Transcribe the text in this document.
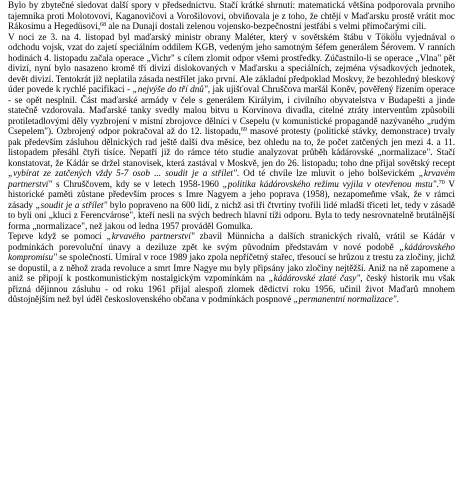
Bylo by zbytečné sledovat další spory v předsednictvu. Stačí krátké shrnutí: matematická většina podporovala prvního tajemníka proti Molotovovi, Kaganovičovi a Vorošilovovi, obviňovala je z toho, že chtějí v Maďarsku prostě vrátit moc Rákosimu a Hegedüsovi,$^{68}$ ale na Dunaji dostali zelenou vojensko-bezpečnostní jestřábi s velmi přímočarými cíli.

V noci ze 3. na 4. listopad byl maďarský ministr obrany Maléter, který v sovětském štábu v Tököl̈u vyjednával o odchodu vojsk, vzat do zajetí speciálním oddílem KGB, vedeným jeho samotným šéfem generálem Šérovem. V ranních hodinách 4. listopadu začala operace „Vichr" s cílem zlomit odpor všemi prostředky. Zúčastnilo-li se operace „Vlna" pět divizí, nyní bylo nasazeno kromě tří divizí dislokovaných v Maďarsku a speciálních, zejména výsadkových jednotek, devět divizí. Tentokrát již neplatila zásada nestřílet jako první. Ale základní předpoklad Moskvy, že bezohledný bleskový úder povede k rychlé pacifikaci - „nejvýše do tří dnů", jak ujišťoval Chruščova maršál Koněv, pověřený řízením operace - se opět nesplnil. Část maďarské armády v čele s generálem Királyim, i civilního obyvatelstva v Budapešti a jinde statečně vzdorovala. Maďarské tanky svedly malou bitvu u Korvínova divadla, citelné ztráty interventům způsobili protiletadlovými děly vyzbrojení v místní zbrojovce dělníci v Csepelu (v komunistické propagandě nazývaného „rudým Csepelem"). Ozbrojený odpor pokračoval až do 12. listopadu,$^{69}$ masové protesty (politické stávky, demonstrace) trvaly pak především zásluhou dělnických rad ještě další dva měsíce, bez ohledu na to, že počet zatčených jen mezi 4. a 11. listopadem přesáhl čtyři tisíce. Nepatří již do rámce této studie analyzovat průběh kádárovské „normalizace". Stačí konstatovat, že Kádár se držel stanovisek, která zastával v Moskvě, jen do 26. listopadu; toho dne přijal sovětský recept „vybírat ze zatčených vždy 5-7 osob ... soudit je a střílet". Od té chvíle lze mluvit o jeho bolševickém „krvavém partnerství" s Chruščovem, kdy se v letech 1958-1960 „politika kádárovského režimu vyjila v otevřenou mstu".$^{70}$ V historické paměti zůstane především proces s Imre Nagyem a jeho poprava (1958), nezapomeňme však, že v rámci zásady „soudit je a střílet" bylo popraveno na 600 lidí, z nichž asi tři čtvrtiny tvořili lidé mladší třiceti let, tedy v zásadě to byli oni „kluci z Ferencvárose", kteří nesli na svých bedrech hlavní tíži odporu. Byla to tedy nesrovnatelně brutálnější forma „normalizace", než jakou od ledna 1957 prováděl Gomulka.

Teprve když se pomocí „krvavého partnerství" zbavil Münnicha a dalších stranických rivalů, vrátil se Kádár v podmínkách porevoluční únavy a deziluze zpět ke svým původním představám v nové podobě „kádárovského kompromisu" se společností. Umíral v roce 1989 jako zpola nepříčetný stařec, třesoucí se hrůzou z trestu za zločiny, jichž se dopustil, a z něhož zrada revoluce a smrt Imre Nagye mu byly připsány jako zločiny nejtěžší. Aniž na ně zapomene a aniž se připojí k postkomunistickým nostalgickým vzpomínkám na „kádárovské zlaté časy", český historik mu však přizná dějinnou zásluhu - od roku 1961 přijal alespoň zlomek dědictví roku 1956, učinil život Maďarů mnohem důstojnějším než byl úděl československého občana v podmínkách pospnové „permanentní normalizace".
